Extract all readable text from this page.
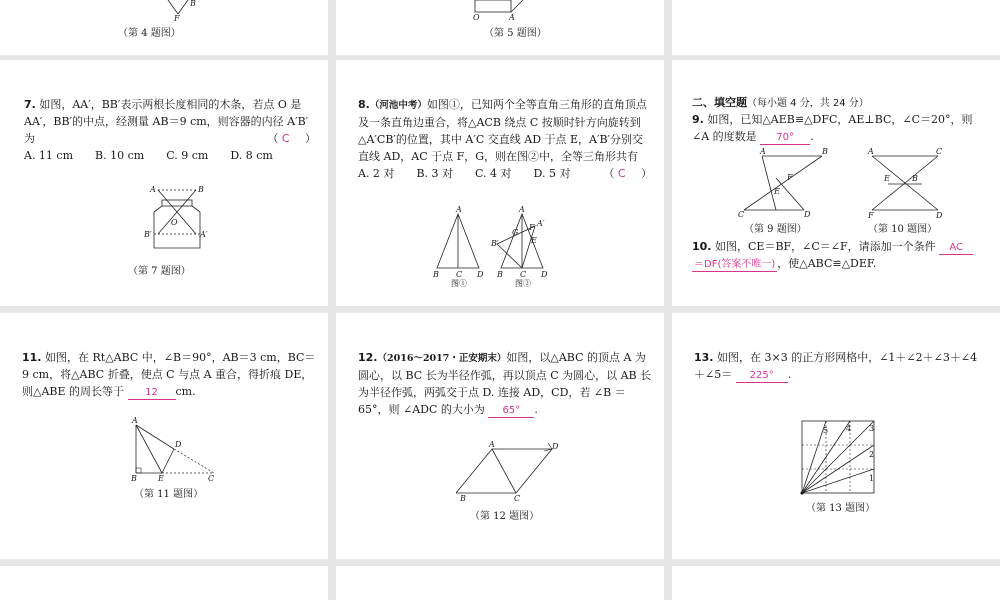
F
B
（第 4 题图）
O	A
（第 5 题图）
7. 如图，AA′，BB′表示两根长度相同的木条，若点 O 是 AA′，BB′的中点，经测量 AB＝9 cm，则容器的内径 A′B′为	（ C ）
A. 11 cm B. 10 cm C. 9 cm D. 8 cm
A	B
O
B′	A′
（第 7 题图）
8.（河池中考）如图①，已知两个全等直角三角形的直角顶点及一条直角边重合，将△ACB 绕点 C 按顺时针方向旋转到△A′CB′的位置，其中 A′C 交直线 AD 于点 E，A′B′分别交直线 AD，AC 于点 F，G，则在图②中，全等三角形共有
（ C ）
A. 2 对 B. 3 对 C. 4 对 D. 5 对
A
B C D
图①
A
A′
B′
G
F
E
B C D
图②
二、填空题（每小题 4 分，共 24 分）
9. 如图，已知△AEB≌△DFC，AE⊥BC，∠C＝20°，则∠A 的度数是 70° .
A	B
F
E
C	D
（第 9 题图）
A	C
E	B
F	D
（第 10 题图）
10. 如图，CE＝BF，∠C＝∠F，请添加一个条件 AC ＝DF(答案不唯一) ，使△ABC≌△DEF.
11. 如图，在 Rt△ABC 中，∠B＝90°，AB＝3 cm，BC＝9 cm，将△ABC 折叠，使点 C 与点 A 重合，得折痕 DE，则△ABE 的周长等于 12 cm.
A
D
B	E	C
（第 11 题图）
12.（2016～2017・正安期末）如图，以△ABC 的顶点 A 为圆心，以 BC 长为半径作弧，再以顶点 C 为圆心，以 AB 长为半径作弧，两弧交于点 D. 连接 AD，CD，若 ∠B ＝ 65°，则 ∠ADC 的大小为 65° .
A	D
B	C
（第 12 题图）
13. 如图，在 3×3 的正方形网格中，∠1＋∠2＋∠3＋∠4＋∠5＝ 225° .
5 4 3
2
1
（第 13 题图）
